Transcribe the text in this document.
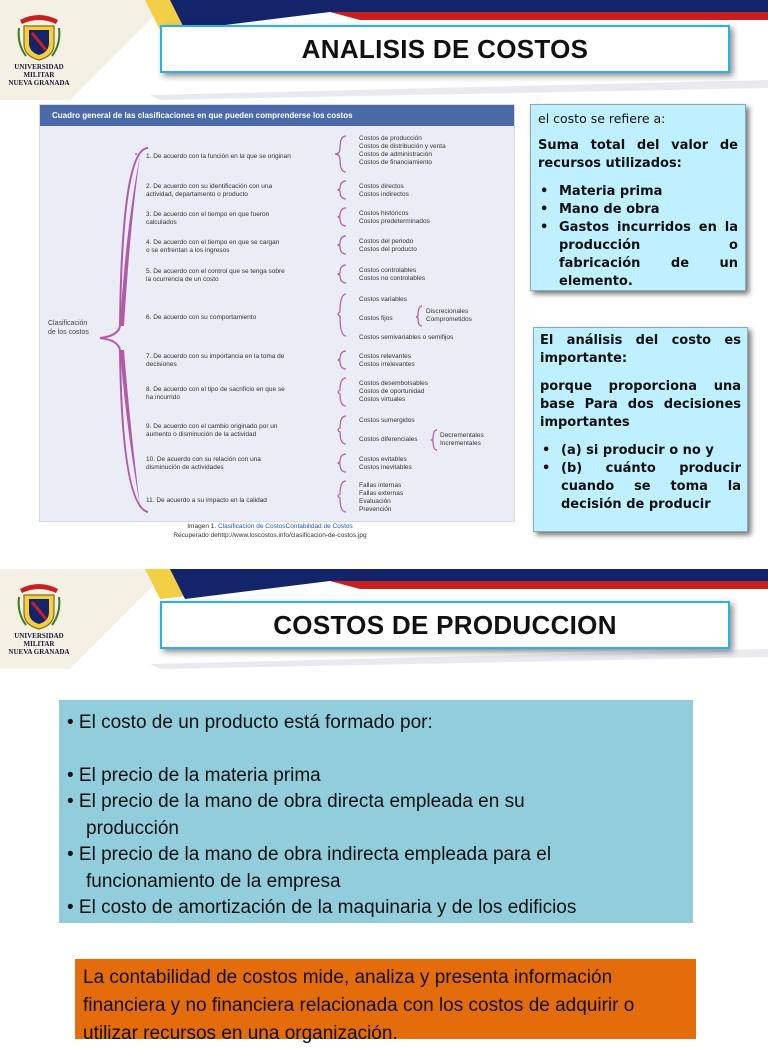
UNIVERSIDAD MILITAR
NUEVA GRANADA
ANALISIS DE COSTOS
Cuadro general de las clasificaciones en que pueden comprenderse los costos
Clasificación
de los costos
1. De acuerdo con la función en la que se originan
2. De acuerdo con su identificación con una
actividad, departamento o producto
3. De acuerdo con el tiempo en que fueron
calculados
4. De acuerdo con el tiempo en que se cargan
o se enfrentan a los ingresos
5. De acuerdo con el control que se tenga sobre
la ocurrencia de un costo
6. De acuerdo con su comportamiento
7. De acuerdo con su importancia en la toma de
decisiones
8. De acuerdo con el tipo de sacrificio en que se
ha incurrido
9. De acuerdo con el cambio originado por un
aumento o disminución de la actividad
10. De acuerdo con su relación con una
disminución de actividades
11. De acuerdo a su impacto en la calidad
Costos de producción
Costos de distribución y venta
Costos de administración
Costos de financiamiento
Costos directos
Costos indirectos
Costos históricos
Costos predeterminados
Costos del periodo
Costos del producto
Costos controlables
Costos no controlables
Costos variables
Costos fijos
Discrecionales
Comprometidos
Costos semivariables o semifijos
Costos relevantes
Costos irrelevantes
Costos desembolsables
Costos de oportunidad
Costos virtuales
Costos sumergidos
Costos diferenciales
Decrementales
Incrementales
Costos evitables
Costos inevitables
Fallas internas
Fallas externas
Evaluación
Prevención
Imagen 1. Clasificacion de CostosContabilidad de Costos
Recuperado dehttp://www.loscostos.info/clasificacion-de-costos.jpg

el costo se refiere a:

Suma total del valor de recursos utilizados:

• Materia prima
• Mano de obra
• Gastos incurridos en la producción o fabricación de un elemento.

El análisis del costo es importante:

porque proporciona una base Para dos decisiones importantes

• (a) si producir o no y
• (b) cuánto producir cuando se toma la decisión de producir
UNIVERSIDAD MILITAR
NUEVA GRANADA
COSTOS DE PRODUCCION
• El costo de un producto está formado por:
• El precio de la materia prima
• El precio de la mano de obra directa empleada en su
producción
• El precio de la mano de obra indirecta empleada para el
funcionamiento de la empresa
• El costo de amortización de la maquinaria y de los edificios
La contabilidad de costos mide, analiza y presenta información
financiera y no financiera relacionada con los costos de adquirir o
utilizar recursos en una organización.
